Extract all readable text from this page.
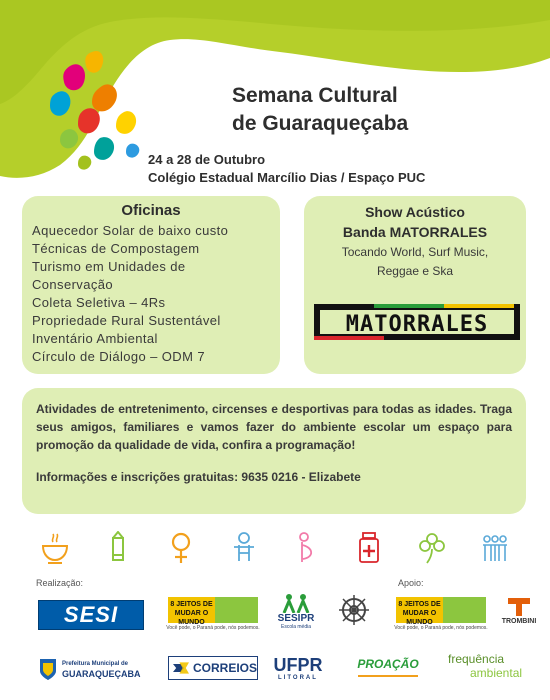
Semana Cultural
de Guaraqueçaba
24 a 28 de Outubro
Colégio Estadual Marcílio Dias / Espaço PUC
Oficinas
Aquecedor Solar de baixo custo
Técnicas de Compostagem
Turismo em Unidades de
Conservação
Coleta Seletiva – 4Rs
Propriedade Rural Sustentável
Inventário Ambiental
Círculo de Diálogo – ODM 7
Show Acústico
Banda MATORRALES
Tocando World, Surf Music,
Reggae e Ska
MATORRALES

Atividades de entretenimento, circenses e desportivas para todas as idades. Traga seus amigos, familiares e vamos fazer do ambiente escolar um espaço para promoção da qualidade de vida, confira a programação!

Informações e inscrições gratuitas: 9635 0216 - Elizabete

Realização:	Apoio:
SESI	8 JEITOS DE
MUDAR O MUNDO
Você pode, o Paraná pode, nós podemos.
SESIPR
Escola média
8 JEITOS DE
MUDAR O MUNDO
Você pode, o Paraná pode, nós podemos.
TROMBINI
Prefeitura Municipal de
GUARAQUEÇABA	CORREIOS UFPR
LITORAL
PROAÇÃO frequência
ambiental
